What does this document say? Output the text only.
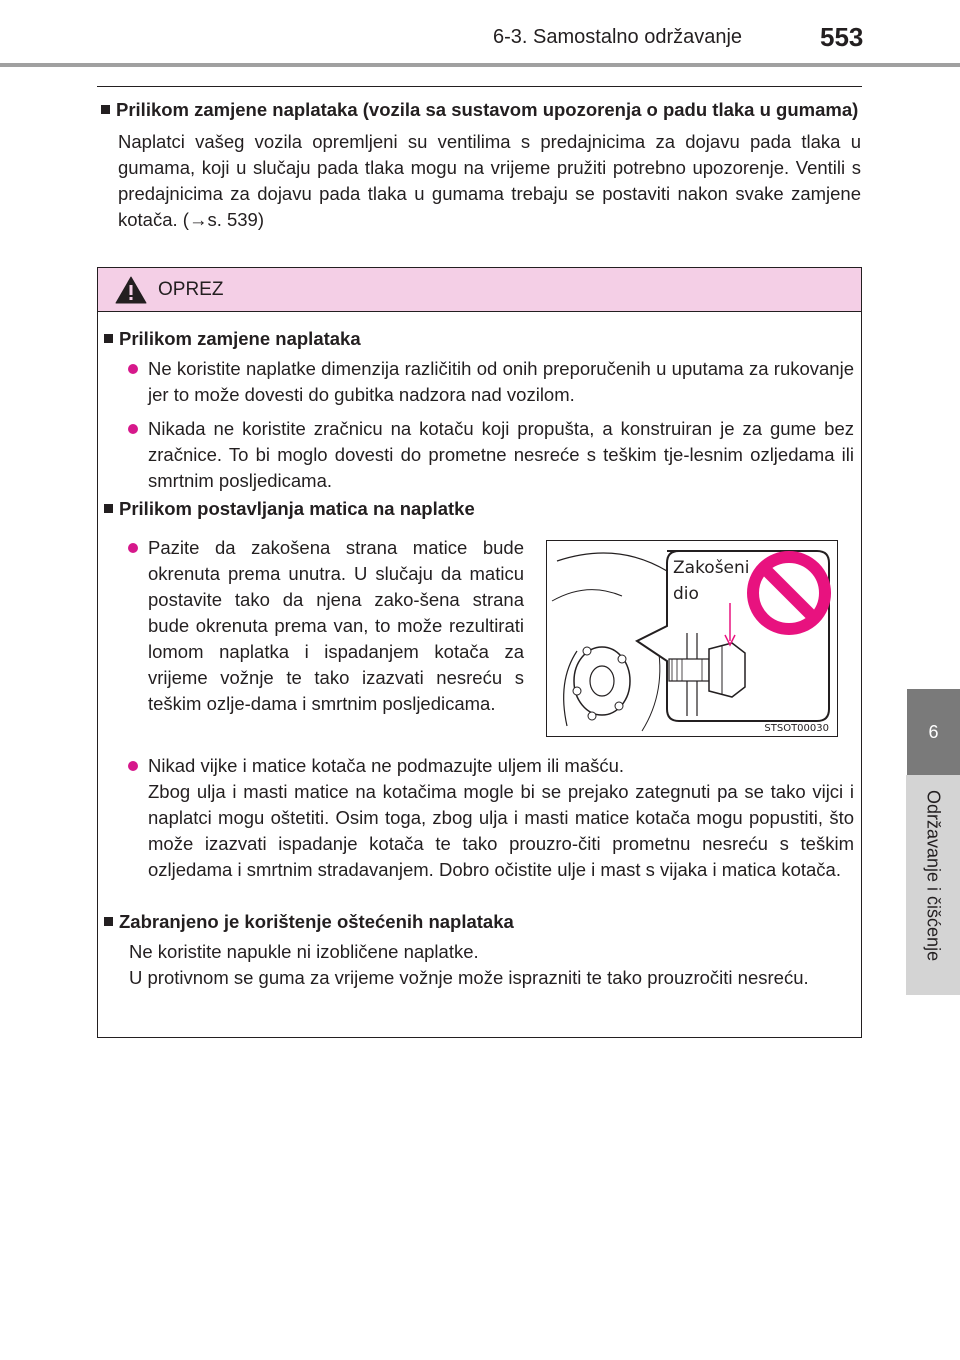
6-3. Samostalno održavanje	553
6
Održavanje i čišćenje
Prilikom zamjene naplataka (vozila sa sustavom upozorenja o padu tlaka u gumama)
Naplatci vašeg vozila opremljeni su ventilima s predajnicima za dojavu pada tlaka u gumama, koji u slučaju pada tlaka mogu na vrijeme pružiti potrebno upozorenje. Ventili s predajnicima za dojavu pada tlaka u gumama trebaju se postaviti nakon svake zamjene kotača. (→s. 539)
OPREZ
Prilikom zamjene naplataka
Ne koristite naplatke dimenzija različitih od onih preporučenih u uputama za rukovanje jer to može dovesti do gubitka nadzora nad vozilom.
Nikada ne koristite zračnicu na kotaču koji propušta, a konstruiran je za gume bez zračnice. To bi moglo dovesti do prometne nesreće s teškim tje-lesnim ozljedama ili smrtnim posljedicama.
Prilikom postavljanja matica na naplatke
Pazite da zakošena strana matice bude okrenuta prema unutra. U slučaju da maticu postavite tako da njena zako-šena strana bude okrenuta prema van, to može rezultirati lomom naplatka i ispadanjem kotača za vrijeme vožnje te tako izazvati nesreću s teškim ozlje-dama i smrtnim posljedicama.
Zakošeni
dio
STSOT00030
Nikad vijke i matice kotača ne podmazujte uljem ili mašću.
Zbog ulja i masti matice na kotačima mogle bi se prejako zategnuti pa se tako vijci i naplatci mogu oštetiti. Osim toga, zbog ulja i masti matice kotača mogu popustiti, što može izazvati ispadanje kotača te tako prouzro-čiti prometnu nesreću s teškim ozljedama i smrtnim stradavanjem. Dobro očistite ulje i mast s vijaka i matica kotača.
Zabranjeno je korištenje oštećenih naplataka
Ne koristite napukle ni izobličene naplatke.
U protivnom se guma za vrijeme vožnje može isprazniti te tako prouzročiti nesreću.
